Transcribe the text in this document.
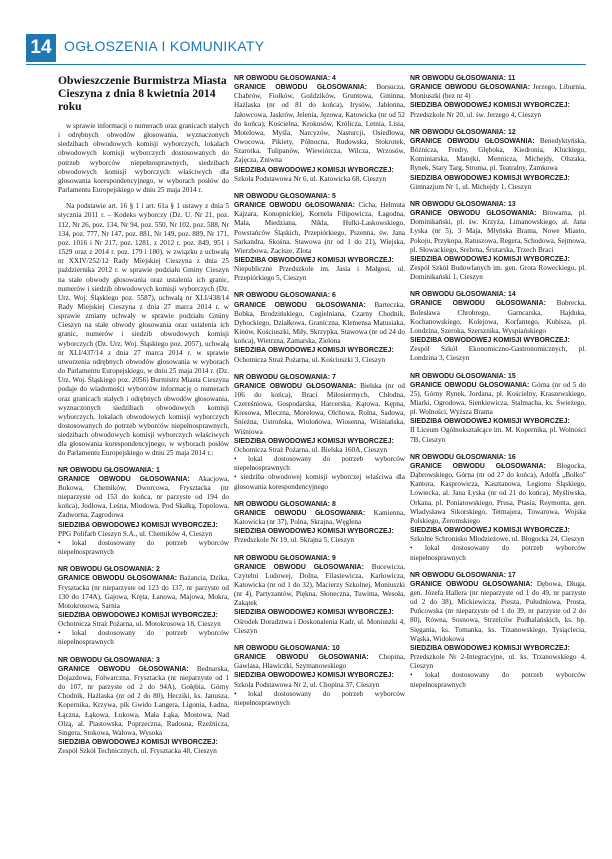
14 OGŁOSZENIA I KOMUNIKATY
Obwieszczenie Burmistrza Miasta Cieszyna z dnia 8 kwietnia 2014 roku

w sprawie informacji o numerach oraz granicach stałych i odrębnych obwodów głosowania, wyznaczonych siedzibach obwodowych komisji wyborczych, lokalach obwodowych komisji wyborczych dostosowanych do potrzeb wyborców niepełnosprawnych, siedzibach obwodowych komisji wyborczych właściwych dla głosowania korespondencyjnego, w wyborach posłów do Parlamentu Europejskiego w dniu 25 maja 2014 r.

Na podstawie art. 16 § 1 i art. 61a § 1 ustawy z dnia 5 stycznia 2011 r. – Kodeks wyborczy (Dz. U. Nr 21, poz. 112, Nr 26, poz. 134, Nr 94, poz. 550, Nr 102, poz. 588, Nr 134, poz. 777, Nr 147, poz. 881, Nr 149, poz. 889, Nr 171, poz. 1016 i Nr 217, poz. 1281, z 2012 r. poz. 849, 951 i 1529 oraz z 2014 r. poz. 179 i 180), w związku z uchwałą nr XXIV/252/12 Rady Miejskiej Cieszyna z dnia 25 października 2012 r. w sprawie podziału Gminy Cieszyn na stałe obwody głosowania oraz ustalenia ich granic, numerów i siedzib obwodowych komisji wyborczych (Dz. Urz. Woj. Śląskiego poz. 5587), uchwałą nr XLI/438/14 Rady Miejskiej Cieszyna z dnia 27 marca 2014 r. w sprawie zmiany uchwały w sprawie podziału Gminy Cieszyn na stałe obwody głosowania oraz ustalenia ich granic, numerów i siedzib obwodowych komisji wyborczych (Dz. Urz. Woj. Śląskiego poz. 2057), uchwałą nr XLI/437/14 z dnia 27 marca 2014 r. w sprawie utworzenia odrębnych obwodów głosowania w wyborach do Parlamentu Europejskiego, w dniu 25 maja 2014 r. (Dz. Urz. Woj. Śląskiego poz. 2056) Burmistrz Miasta Cieszyna podaje do wiadomości wyborców informację o numerach oraz granicach stałych i odrębnych obwodów głosowania, wyznaczonych siedzibach obwodowych komisji wyborczych, lokalach obwodowych komisji wyborczych dostosowanych do potrzeb wyborców niepełnosprawnych, siedzibach obwodowych komisji wyborczych właściwych dla głosowania korespondencyjnego, w wyborach posłów do Parlamentu Europejskiego w dniu 25 maja 2014 r.:

NR OBWODU GŁOSOWANIA: 1

GRANICE OBWODU GŁOSOWANIA: Akacjowa, Bukowa, Chemików, Dworcowa, Frysztacka (nr nieparzyste od 153 do końca, nr parzyste od 194 do końca), Jodłowa, Leśna, Miodowa, Pod Skałką, Topolowa, Zadworna, Zagrodowa

SIEDZIBA OBWODOWEJ KOMISJI WYBORCZEJ:

PPG Polifarb Cieszyn S.A., ul. Chemików 4, Cieszyn

• lokal dostosowany do potrzeb wyborców niepełnosprawnych

NR OBWODU GŁOSOWANIA: 2

GRANICE OBWODU GŁOSOWANIA: Bażancia, Dzika, Frysztacka (nr nieparzyste od 123 do 137, nr parzyste od 130 do 174A), Gajowa, Krętа, Łanowa, Majowa, Mokra, Motokrosowa, Sarnia

SIEDZIBA OBWODOWEJ KOMISJI WYBORCZEJ:

Ochotnicza Straż Pożarna, ul. Motokrosowa 18, Cieszyn

• lokal dostosowany do potrzeb wyborców niepełnosprawnych

NR OBWODU GŁOSOWANIA: 3

GRANICE OBWODU GŁOSOWANIA: Bednarska, Dojazdowa, Folwarczna, Frysztacka (nr nieparzyste od 1 do 107, nr parzyste od 2 do 94A), Gołębia, Górny Chodnik, Hażlaska (nr od 2 do 80), Hecziki, ks. Janusza, Kopernika, Krzywa, plk Gwido Langera, Ligonia, Ładna, Łączna, Łąkowa, Łukowa, Mała Łąka, Mostowa, Nad Olzą, al. Piastowska, Poprzeczna, Radosna, Rzeźnicza, Singera, Stokowa, Wałowa, Wysoka

SIEDZIBA OBWODOWEJ KOMISJI WYBORCZEJ:

Zespół Szkół Technicznych, ul. Frysztacka 48, Cieszyn

NR OBWODU GŁOSOWANIA: 4

GRANICE OBWODU GŁOSOWANIA: Borsucza, Chabrów, Fiołków, Goździków, Gruntowa, Gminna, Hażlaska (nr od 81 do końca), Irysów, Jabłonna, Jałowcowa, Jaskrów, Jelenia, Jęzowa, Katowicka (nr od 52 do końca), Kościelna, Krokusów, Królicza, Letnia, Lisia, Motelowa, Myśla, Narcyzów, Nasturcji, Osiedlowa, Owocowa, Pikiety, Północna, Rudowska, Stokrotek, Szarotka, Tulipanów, Wiewiórcza, Wilcza, Wrzosów, Zajęcza, Zniwna

SIEDZIBA OBWODOWEJ KOMISJI WYBORCZEJ:

Szkoła Podstawowa Nr 6, ul. Katowicka 68, Cieszyn

NR OBWODU GŁOSOWANIA: 5

GRANICE OBWODU GŁOSOWANIA: Cicha, Helmuta Kajzara, Konopnickiej, Kornela Filipowicza, Łagodna, Mała, Miedziana, Nikla, Hulki-Laskowskiego, Powstańców Śląskich, Przepiórkiego, Pszenna, św. Jana Sarkandra, Skośna, Stawowa (nr od 1 do 21), Wiejska, Wierzbowa, Zacisze, Złota

SIEDZIBA OBWODOWEJ KOMISJI WYBORCZEJ:

Niepubliczne Przedszkole im. Jasia i Małgosi, ul. Przepiórkiego 5, Cieszyn

NR OBWODU GŁOSOWANIA: 6

GRANICE OBWODU GŁOSOWANIA: Barteczka, Bobka, Brodzińskiego, Cegielniana, Czarny Chodnik, Dybockiego, Działkowa, Graniczna, Klemensa Matusiaka, Kinów, Kościuszki, Miły, Skrzypka, Stawowa (nr od 24 do końca), Wietrzna, Zamarska, Zielona

SIEDZIBA OBWODOWEJ KOMISJI WYBORCZEJ:

Ochotnicza Straż Pożarna, ul. Kościuszki 3, Cieszyn

NR OBWODU GŁOSOWANIA: 7

GRANICE OBWODU GŁOSOWANIA: Bielska (nr od 106 do końca), Braci Miłosierrnych, Chłodna, Czereśniowa, Gospodarska, Harcerska, Kątowa, Kępna, Kresowa, Mleczna, Morelowa, Olchowa, Rolna, Sadowa, Śnieżna, Ustrońska, Wiolońowa, Wiosenna, Wiśniańska, Wiśniowa

SIEDZIBA OBWODOWEJ KOMISJI WYBORCZEJ:

Ochotnicza Straż Pożarna, ul. Bielska 160A, Cieszyn

• lokal dostosowany do potrzeb wyborców niepełnosprawnych

• siedziba obwodowej komisji wyborczej właściwa dla głosowania korespondencyjnego

NR OBWODU GŁOSOWANIA: 8

GRANICE OBWODU GŁOSOWANIA: Kamienna, Katowicka (nr 37), Polna, Skrajna, Węglena

SIEDZIBA OBWODOWEJ KOMISJI WYBORCZEJ:

Przedszkole Nr 19, ul. Skrajna 5, Cieszyn

NR OBWODU GŁOSOWANIA: 9

GRANICE OBWODU GŁOSOWANIA: Bucewicza, Czytelni Ludowej, Dolna, Filasiewicza, Karłowicza, Katowicka (nr od 1 do 32), Macierzy Szkolnej, Moniuszki (nr 4), Partyzantów, Piękna, Słoneczna, Tuwima, Wesoła, Zakątek

SIEDZIBA OBWODOWEJ KOMISJI WYBORCZEJ:

Ośrodek Doradztwa i Doskonalenia Kadr, ul. Moniuszki 4, Cieszyn

NR OBWODU GŁOSOWANIA: 10

GRANICE OBWODU GŁOSOWANIA: Chopina, Gawlasa, Hławiczki, Szymanowskiego

SIEDZIBA OBWODOWEJ KOMISJI WYBORCZEJ:

Szkoła Podstawowa Nr 2, ul. Chopina 37, Cieszyn

• lokal dostosowany do potrzeb wyborców niepełnosprawnych

NR OBWODU GŁOSOWANIA: 11

GRANICE OBWODU GŁOSOWANIA: Jerzego, Liburnia, Moniuszki (bez nr 4)

SIEDZIBA OBWODOWEJ KOMISJI WYBORCZEJ:

Przedszkole Nr 20, ul. św. Jerzego 4, Cieszyn

NR OBWODU GŁOSOWANIA: 12

GRANICE OBWODU GŁOSOWANIA: Benedyktyńska, Bóżnicza, Fredry, Głęboka, Kiedronia, Kluckiego, Kominiarska, Matejki, Mennicza, Michejdy, Olszaka, Rynek, Stary Targ, Stroma, pl. Teatralny, Zamkowa

SIEDZIBA OBWODOWEJ KOMISJI WYBORCZEJ:

Gimnazjum Nr 1, ul. Michejdy 1, Cieszyn

NR OBWODU GŁOSOWANIA: 13

GRANICE OBWODU GŁOSOWANIA: Browarna, pl. Dominikański, pl. św. Krzyża, Limanowskiego, al. Jana Łyska (nr 5), 3 Maja, Młyńska Brama, Nowe Miasto, Pokoju, Przykopa, Ratuszowa, Regera, Schodowa, Sejmowa, pl. Słowackiego, Srebrna, Śrutarska, Trzech Braci

SIEDZIBA OBWODOWEJ KOMISJI WYBORCZEJ:

Zespół Szkół Budowlanych im. gen. Grota Roweckiego, pl. Dominikański 1, Cieszyn

NR OBWODU GŁOSOWANIA: 14

GRANICE OBWODU GŁOSOWANIA: Bobrecka, Bolesława Chrobrego, Garncarska, Hajduka, Kochanowskiego, Kolejowa, Korfantego, Kubisza, pl. Londzina, Szeroka, Szersznika, Wyspiańskiego

SIEDZIBA OBWODOWEJ KOMISJI WYBORCZEJ:

Zespół Szkół Ekonomiczno-Gastronomicznych, pl. Londzina 3, Cieszyn

NR OBWODU GŁOSOWANIA: 15

GRANICE OBWODU GŁOSOWANIA: Górna (nr od 5 do 25), Górny Rynek, Jordana, pl. Kościelny, Kraszewskiego, Miarki, Ogrodowa, Sienkiewicza, Stalmacha, ks. Świeżego, pl. Wolności, Wyższa Brama

SIEDZIBA OBWODOWEJ KOMISJI WYBORCZEJ:

II Liceum Ogólnokształcące im. M. Kopernika, pl. Wolności 7B, Cieszyn

NR OBWODU GŁOSOWANIA: 16

GRANICE OBWODU GŁOSOWANIA: Błogocka, Dąbrowskiego, Górna (nr od 27 do końca), Adolfa „Bolko” Kantora, Kasprowicza, Kasztanowa, Legionu Śląskiego, Lowiecka, al. Jana Łyska (nr od 21 do końca), Myśliwska, Orkana, pl. Poniatowskiego, Prusa, Ptasia, Reymonta, gen. Władysława Sikorskiego, Tetmajera, Towarowa, Wojska Polskiego, Żeromskiego

SIEDZIBA OBWODOWEJ KOMISJI WYBORCZEJ:

Szkolne Schronisko Młodzieżowe, ul. Błogocka 24, Cieszyn

• lokal dostosowany do potrzeb wyborców niepełnosprawnych

NR OBWODU GŁOSOWANIA: 17

GRANICE OBWODU GŁOSOWANIA: Dębowa, Długa, gen. Józefa Hallera (nr nieparzyste od 1 do 49, nr parzyste od 2 do 38), Mickiewicza, Piesza, Południowa, Prosta, Puńcowska (nr nieparzyste od 1 do 39, nr parzyste od 2 do 80), Równa, Sosnowa, Strzelców Podhalańskich, ks. bp. Sięganiа, ks. Tomanka, ks. Trzanowskiego, Tysiąclecia, Wąska, Widokowa

SIEDZIBA OBWODOWEJ KOMISJI WYBORCZEJ:

Przedszkole Nr 2-Integracyjne, ul. ks. Trzanowskiego 4, Cieszyn

• lokal dostosowany do potrzeb wyborców niepełnosprawnych
